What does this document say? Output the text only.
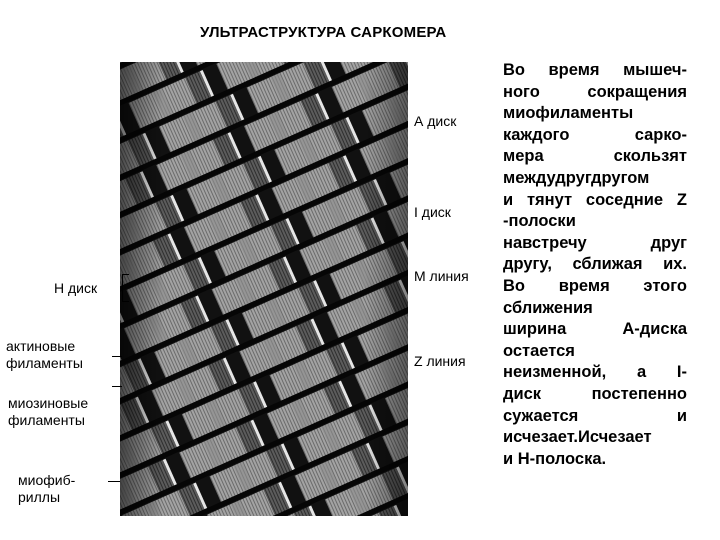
УЛЬТРАСТРУКТУРА САРКОМЕРА
А диск
I диск
М линия
Z линия
Н диск
актиновые
филаменты
миозиновые
филаменты
миофиб-
риллы
Во время мышеч-
ного сокращения
миофиламенты
каждого сарко-
мера скользят
междудругдругом
и тянут соседние Z
-полоски
навстречу друг
другу, сближая их.
Во время этого
сближения
ширина А-диска
остается
неизменной, а I-
диск постепенно
сужается и
исчезает.Исчезает
и Н-полоска.
